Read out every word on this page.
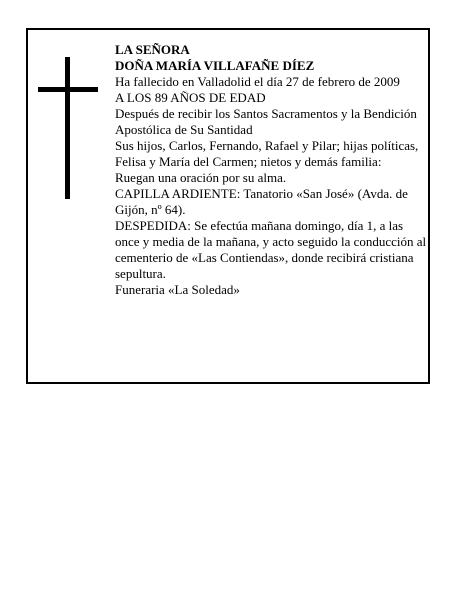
LA SEÑORA
DOÑA MARÍA VILLAFAÑE DÍEZ
Ha fallecido en Valladolid el día 27 de febrero de 2009
A LOS 89 AÑOS DE EDAD
Después de recibir los Santos Sacramentos y la Bendición Apostólica de Su Santidad
Sus hijos, Carlos, Fernando, Rafael y Pilar; hijas políticas, Felisa y María del Carmen; nietos y demás familia:
Ruegan una oración por su alma.
CAPILLA ARDIENTE: Tanatorio «San José» (Avda. de Gijón, nº 64).
DESPEDIDA: Se efectúa mañana domingo, día 1, a las once y media de la mañana, y acto seguido la conducción al cementerio de «Las Contiendas», donde recibirá cristiana sepultura.
Funeraria «La Soledad»
